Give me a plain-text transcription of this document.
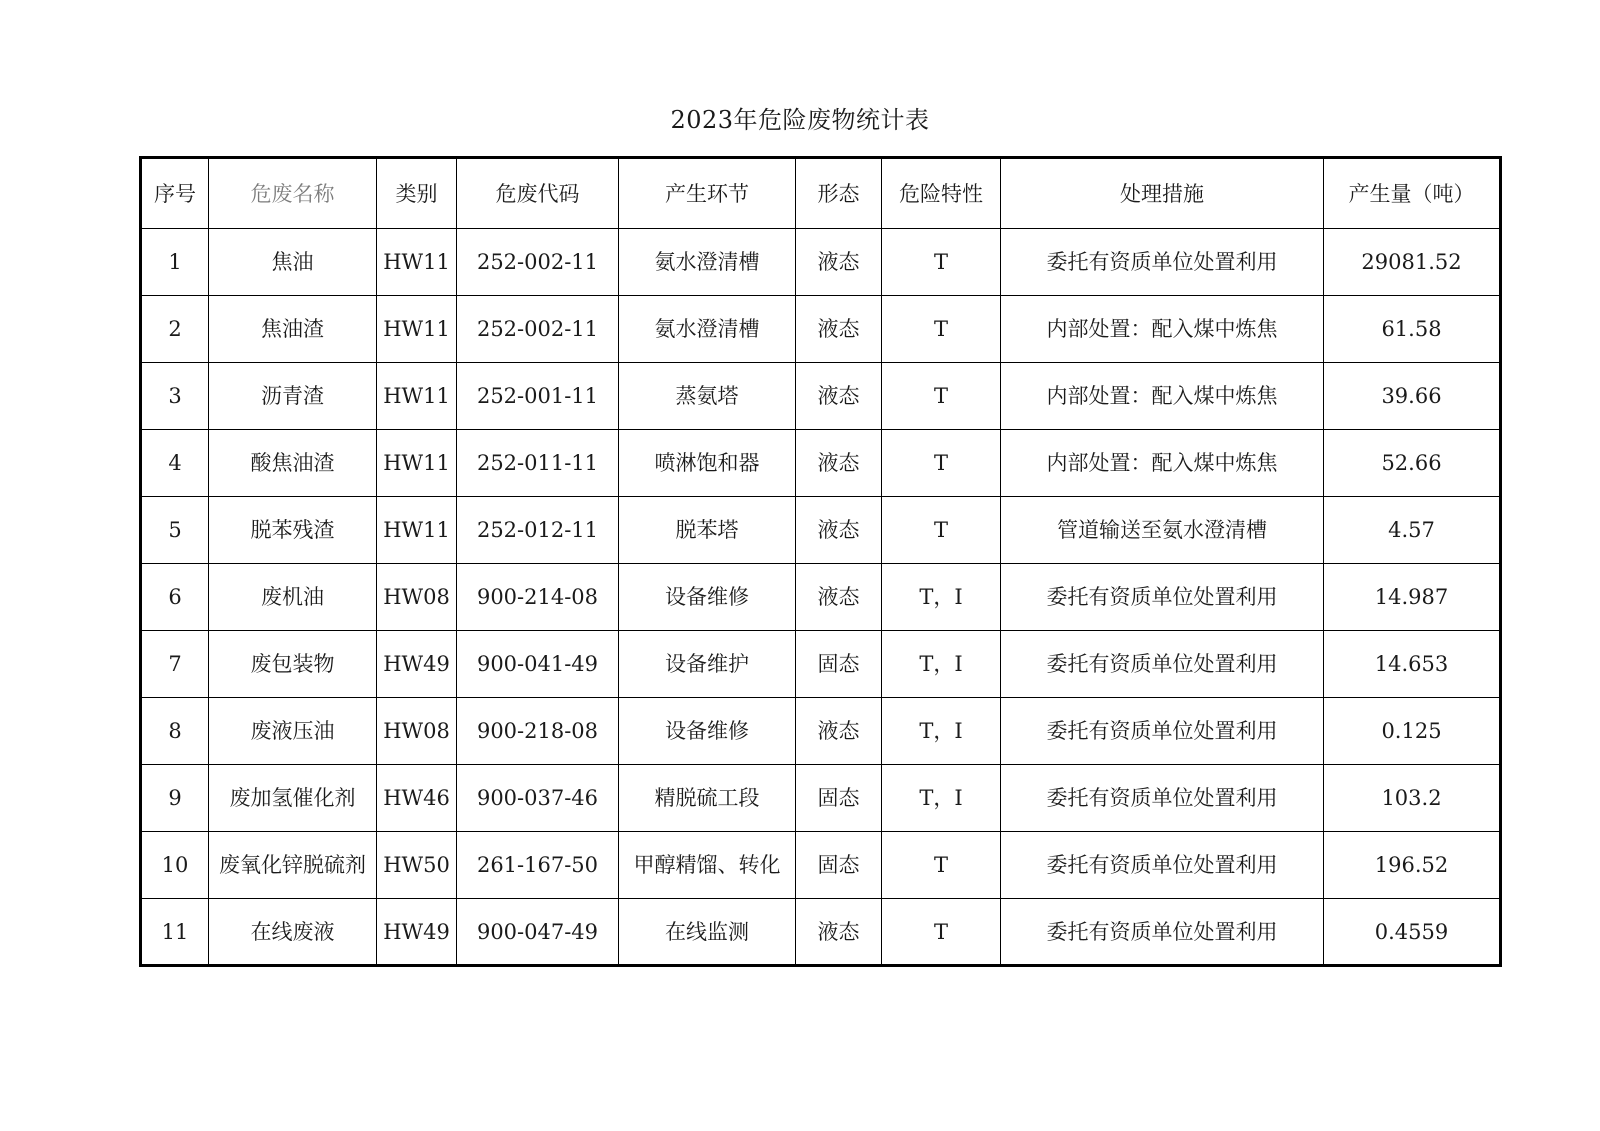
2023年危险废物统计表
序号	危废名称	类别	危废代码	产生环节	形态	危险特性	处理措施	产生量（吨）
1	焦油	HW11	252-002-11	氨水澄清槽	液态	T	委托有资质单位处置利用	29081.52
2	焦油渣	HW11	252-002-11	氨水澄清槽	液态	T	内部处置：配入煤中炼焦	61.58
3	沥青渣	HW11	252-001-11	蒸氨塔	液态	T	内部处置：配入煤中炼焦	39.66
4	酸焦油渣	HW11	252-011-11	喷淋饱和器	液态	T	内部处置：配入煤中炼焦	52.66
5	脱苯残渣	HW11	252-012-11	脱苯塔	液态	T	管道输送至氨水澄清槽	4.57
6	废机油	HW08	900-214-08	设备维修	液态	T，I	委托有资质单位处置利用	14.987
7	废包装物	HW49	900-041-49	设备维护	固态	T，I	委托有资质单位处置利用	14.653
8	废液压油	HW08	900-218-08	设备维修	液态	T，I	委托有资质单位处置利用	0.125
9	废加氢催化剂	HW46	900-037-46	精脱硫工段	固态	T，I	委托有资质单位处置利用	103.2
10	废氧化锌脱硫剂	HW50	261-167-50	甲醇精馏、转化	固态	T	委托有资质单位处置利用	196.52
11	在线废液	HW49	900-047-49	在线监测	液态	T	委托有资质单位处置利用	0.4559
